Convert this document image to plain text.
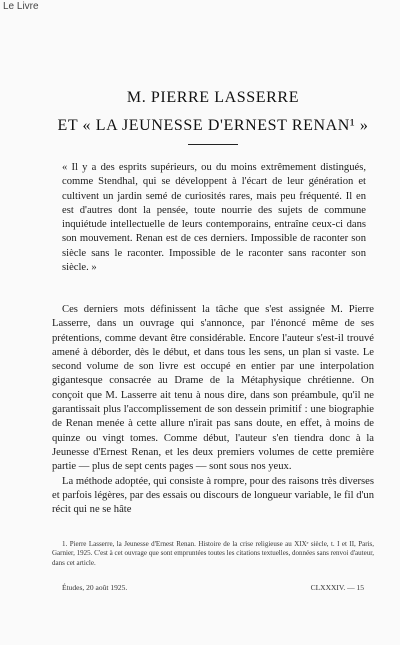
Le Livre
M. PIERRE LASSERRE
ET « LA JEUNESSE D'ERNEST RENAN¹ »

« Il y a des esprits supérieurs, ou du moins extrêmement distingués, comme Stendhal, qui se développent à l'écart de leur génération et cultivent un jardin semé de curiosités rares, mais peu fréquenté. Il en est d'autres dont la pensée, toute nourrie des sujets de commune inquiétude intellectuelle de leurs contemporains, entraîne ceux-ci dans son mouvement. Renan est de ces derniers. Impossible de raconter son siècle sans le raconter. Impossible de le raconter sans raconter son siècle. »

Ces derniers mots définissent la tâche que s'est assignée M. Pierre Lasserre, dans un ouvrage qui s'annonce, par l'énoncé même de ses prétentions, comme devant être considérable. Encore l'auteur s'est-il trouvé amené à déborder, dès le début, et dans tous les sens, un plan si vaste. Le second volume de son livre est occupé en entier par une interpolation gigantesque consacrée au Drame de la Métaphysique chrétienne. On conçoit que M. Lasserre ait tenu à nous dire, dans son préambule, qu'il ne garantissait plus l'accomplissement de son dessein primitif : une biographie de Renan menée à cette allure n'irait pas sans doute, en effet, à moins de quinze ou vingt tomes. Comme début, l'auteur s'en tiendra donc à la Jeunesse d'Ernest Renan, et les deux premiers volumes de cette première partie — plus de sept cents pages — sont sous nos yeux.

La méthode adoptée, qui consiste à rompre, pour des raisons très diverses et parfois légères, par des essais ou discours de longueur variable, le fil d'un récit qui ne se hâte

1. Pierre Lasserre, la Jeunesse d'Ernest Renan. Histoire de la crise religieuse au XIXᵉ siècle, t. I et II, Paris, Garnier, 1925. C'est à cet ouvrage que sont empruntées toutes les citations textuelles, données sans renvoi d'auteur, dans cet article.

Études, 20 août 1925.	CLXXXIV. — 15
